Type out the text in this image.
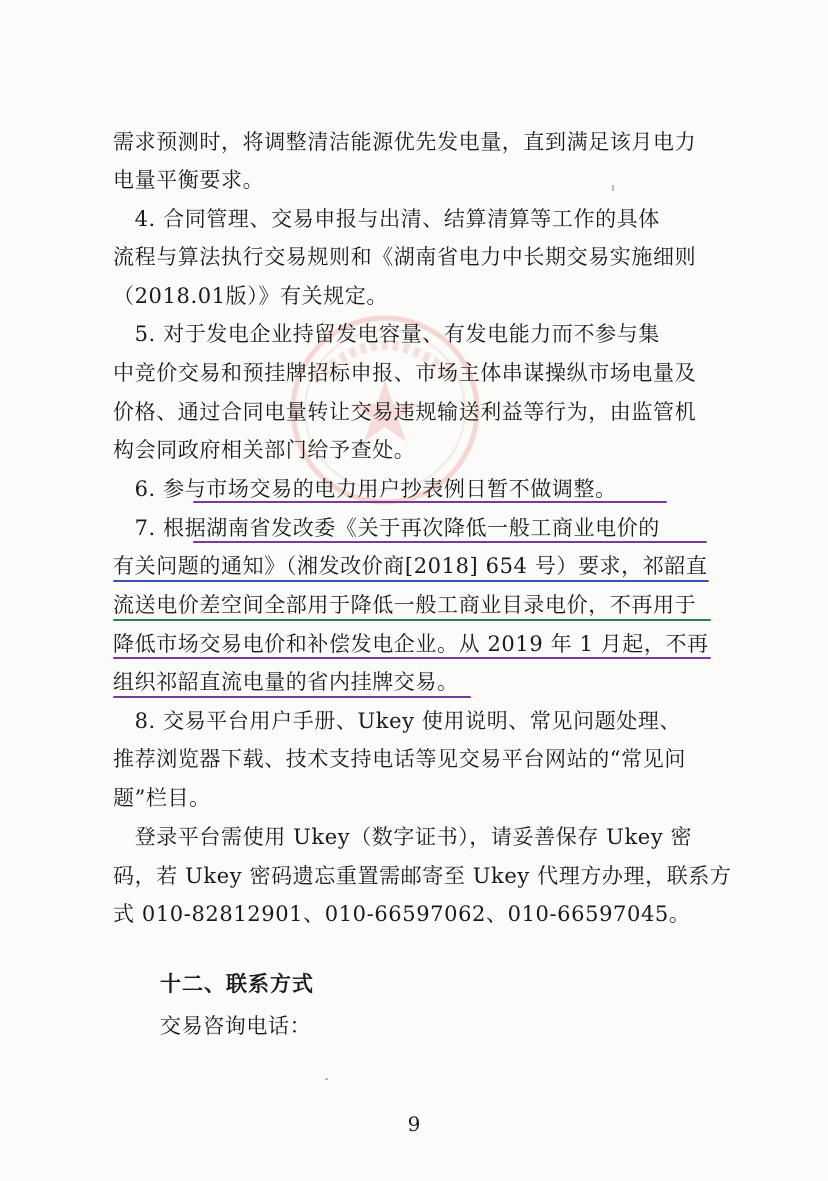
需求预测时，将调整清洁能源优先发电量，直到满足该月电力
电量平衡要求。
　4. 合同管理、交易申报与出清、结算清算等工作的具体
流程与算法执行交易规则和《湖南省电力中长期交易实施细则
（2018.01版）》有关规定。
　5. 对于发电企业持留发电容量、有发电能力而不参与集
中竞价交易和预挂牌招标申报、市场主体串谋操纵市场电量及
价格、通过合同电量转让交易违规输送利益等行为，由监管机
构会同政府相关部门给予查处。
　6. 参与市场交易的电力用户抄表例日暂不做调整。
　7. 根据湖南省发改委《关于再次降低一般工商业电价的
有关问题的通知》（湘发改价商[2018] 654 号）要求，祁韶直
流送电价差空间全部用于降低一般工商业目录电价，不再用于
降低市场交易电价和补偿发电企业。从 2019 年 1 月起，不再
组织祁韶直流电量的省内挂牌交易。
　8. 交易平台用户手册、Ukey 使用说明、常见问题处理、
推荐浏览器下载、技术支持电话等见交易平台网站的“常见问
题”栏目。
　登录平台需使用 Ukey（数字证书），请妥善保存 Ukey 密
码，若 Ukey 密码遗忘重置需邮寄至 Ukey 代理方办理，联系方
式 010-82812901、010-66597062、010-66597045。
十二、联系方式
交易咨询电话：
9
